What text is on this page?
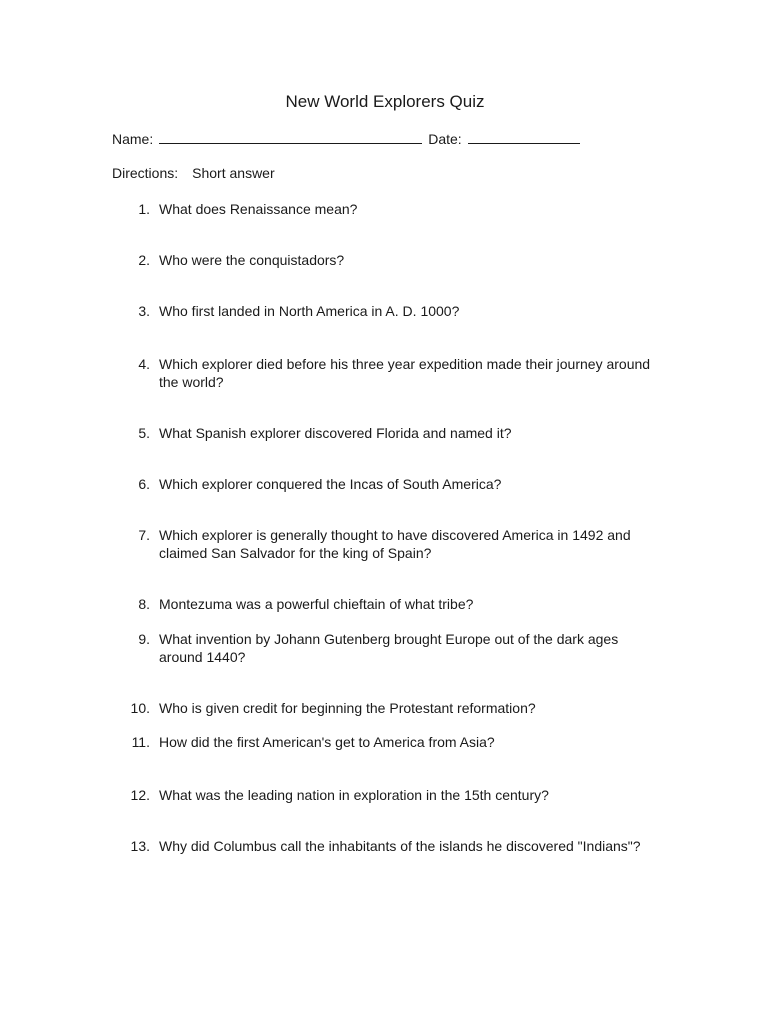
New World Explorers Quiz
Name:	Date:
Directions: Short answer
1. What does Renaissance mean?
2. Who were the conquistadors?
3. Who first landed in North America in A. D. 1000?
4. Which explorer died before his three year expedition made their journey around the world?
5. What Spanish explorer discovered Florida and named it?
6. Which explorer conquered the Incas of South America?
7. Which explorer is generally thought to have discovered America in 1492 and claimed San Salvador for the king of Spain?
8. Montezuma was a powerful chieftain of what tribe?
9. What invention by Johann Gutenberg brought Europe out of the dark ages around 1440?
10. Who is given credit for beginning the Protestant reformation?
11. How did the first American's get to America from Asia?
12. What was the leading nation in exploration in the 15th century?
13. Why did Columbus call the inhabitants of the islands he discovered "Indians"?
